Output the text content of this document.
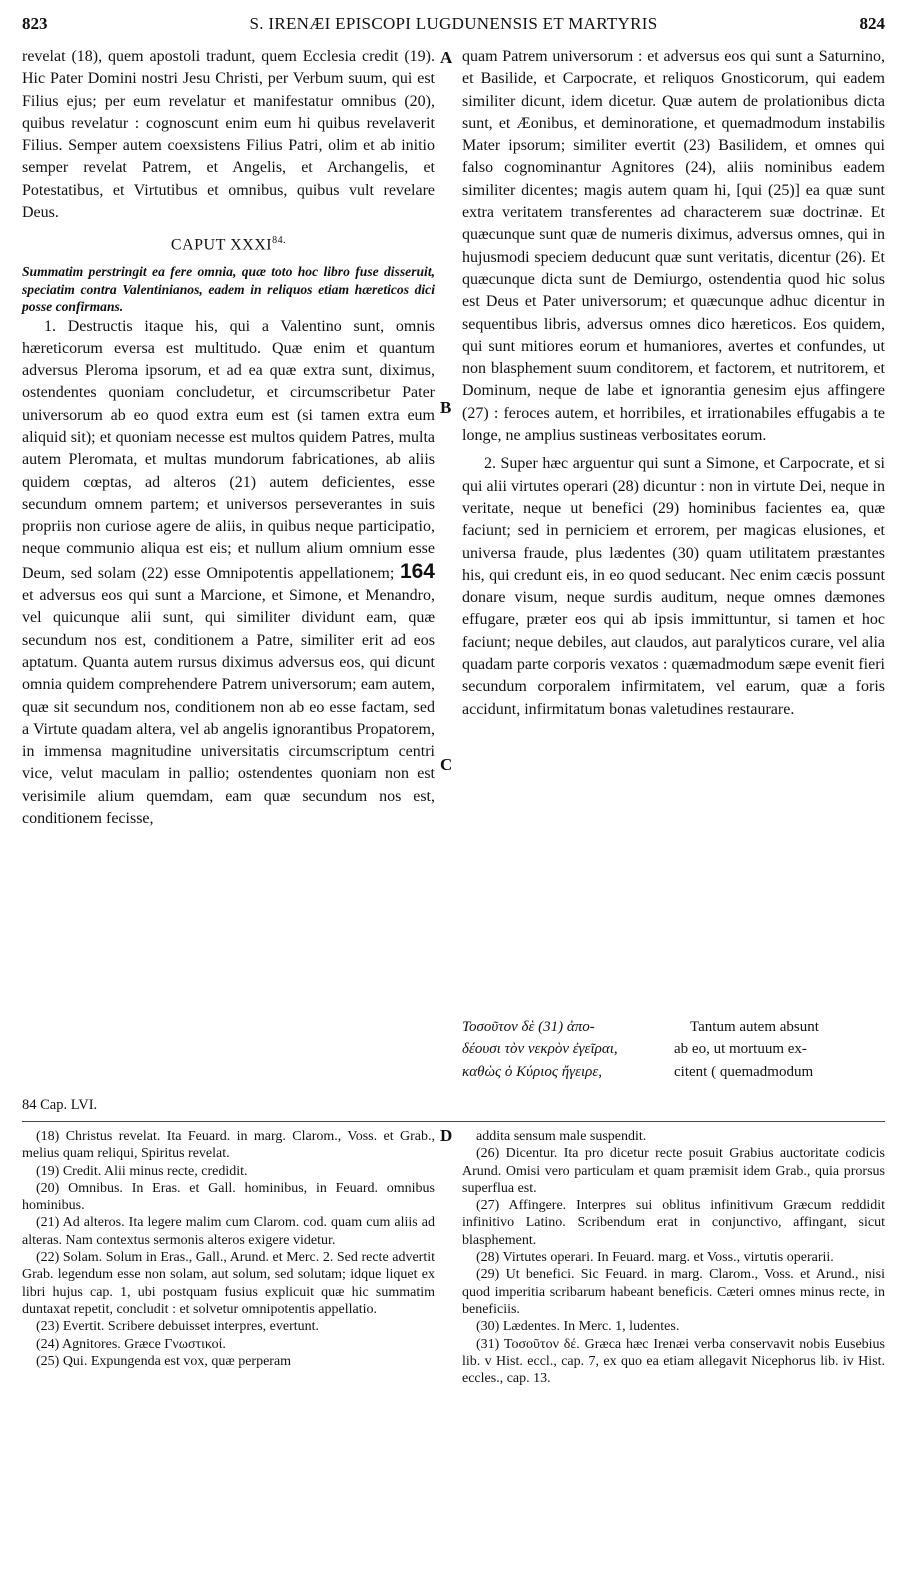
823	S. IRENÆI EPISCOPI LUGDUNENSIS ET MARTYRIS	824
A
B
C
D

revelat (18), quem apostoli tradunt, quem Ecclesia credit (19). Hic Pater Domini nostri Jesu Christi, per Verbum suum, qui est Filius ejus; per eum revelatur et manifestatur omnibus (20), quibus revelatur : cognoscunt enim eum hi quibus revelaverit Filius. Semper autem coexsistens Filius Patri, olim et ab initio semper revelat Patrem, et Angelis, et Archangelis, et Potestatibus, et Virtutibus et omnibus, quibus vult revelare Deus.

CAPUT $XXXI^{84.}$

Summatim perstringit ea fere omnia, quæ toto hoc libro fuse disseruit, speciatim contra Valentinianos, eadem in reliquos etiam hæreticos dici posse confirmans.

1. Destructis itaque his, qui a Valentino sunt, omnis hæreticorum eversa est multitudo. Quæ enim et quantum adversus Pleroma ipsorum, et ad ea quæ extra sunt, diximus, ostendentes quoniam concludetur, et circumscribetur Pater universorum ab eo quod extra eum est (si tamen extra eum aliquid sit); et quoniam necesse est multos quidem Patres, multa autem Pleromata, et multas mundorum fabricationes, ab aliis quidem cœptas, ad alteros (21) autem deficientes, esse secundum omnem partem; et universos perseverantes in suis propriis non curiose agere de aliis, in quibus neque participatio, neque communio aliqua est eis; et nullum alium omnium esse Deum, sed solam (22) esse Omnipotentis appellationem; 164 et adversus eos qui sunt a Marcione, et Simone, et Menandro, vel quicunque alii sunt, qui similiter dividunt eam, quæ secundum nos est, conditionem a Patre, similiter erit ad eos aptatum. Quanta autem rursus diximus adversus eos, qui dicunt omnia quidem comprehendere Patrem universorum; eam autem, quæ sit secundum nos, conditionem non ab eo esse factam, sed a Virtute quadam altera, vel ab angelis ignorantibus Propatorem, in immensa magnitudine universitatis circumscriptum centri vice, velut maculam in pallio; ostendentes quoniam non est verisimile alium quemdam, eam quæ secundum nos est, conditionem fecisse,

quam Patrem universorum : et adversus eos qui sunt a Saturnino, et Basilide, et Carpocrate, et reliquos Gnosticorum, qui eadem similiter dicunt, idem dicetur. Quæ autem de prolationibus dicta sunt, et Æonibus, et deminoratione, et quemadmodum instabilis Mater ipsorum; similiter evertit (23) Basilidem, et omnes qui falso cognominantur Agnitores (24), aliis nominibus eadem similiter dicentes; magis autem quam hi, [qui (25)] ea quæ sunt extra veritatem transferentes ad characterem suæ doctrinæ. Et quæcunque sunt quæ de numeris diximus, adversus omnes, qui in hujusmodi speciem deducunt quæ sunt veritatis, dicentur (26). Et quæcunque dicta sunt de Demiurgo, ostendentia quod hic solus est Deus et Pater universorum; et quæcunque adhuc dicentur in sequentibus libris, adversus omnes dico hæreticos. Eos quidem, qui sunt mitiores eorum et humaniores, avertes et confundes, ut non blasphement suum conditorem, et factorem, et nutritorem, et Dominum, neque de labe et ignorantia genesim ejus affingere (27) : feroces autem, et horribiles, et irrationabiles effugabis a te longe, ne amplius sustineas verbositates eorum.

2. Super hæc arguentur qui sunt a Simone, et Carpocrate, et si qui alii virtutes operari (28) dicuntur : non in virtute Dei, neque in veritate, neque ut benefici (29) hominibus facientes ea, quæ faciunt; sed in perniciem et errorem, per magicas elusiones, et universa fraude, plus lædentes (30) quam utilitatem præstantes his, qui credunt eis, in eo quod seducant. Nec enim cæcis possunt donare visum, neque surdis auditum, neque omnes dæmones effugare, præter eos qui ab ipsis immittuntur, si tamen et hoc faciunt; neque debiles, aut claudos, aut paralyticos curare, vel alia quadam parte corporis vexatos : quæmadmodum sæpe evenit fieri secundum corporalem infirmitatem, vel earum, quæ a foris accidunt, infirmitatum bonas valetudines restaurare.

Τοσοῦτον δὲ (31) ἀπο-	Tantum autem absunt
δέουσι τὸν νεκρὸν ἐγεῖραι,	ab eo, ut mortuum ex-
καθὼς ὁ Κύριος ἤγειρε,	citent ( quemadmodum
84 Cap. LVI.

(18) Christus revelat. Ita Feuard. in marg. Clarom., Voss. et Grab., melius quam reliqui, Spiritus revelat.

(19) Credit. Alii minus recte, credidit.

(20) Omnibus. In Eras. et Gall. hominibus, in Feuard. omnibus hominibus.

(21) Ad alteros. Ita legere malim cum Clarom. cod. quam cum aliis ad alteras. Nam contextus sermonis alteros exigere videtur.

(22) Solam. Solum in Eras., Gall., Arund. et Merc. 2. Sed recte advertit Grab. legendum esse non solam, aut solum, sed solutam; idque liquet ex libri hujus cap. 1, ubi postquam fusius explicuit quæ hic summatim duntaxat repetit, concludit : et solvetur omnipotentis appellatio.

(23) Evertit. Scribere debuisset interpres, evertunt.

(24) Agnitores. Græce Γνωστικοί.

(25) Qui. Expungenda est vox, quæ perperam

addita sensum male suspendit.

(26) Dicentur. Ita pro dicetur recte posuit Grabius auctoritate codicis Arund. Omisi vero particulam et quam præmisit idem Grab., quia prorsus superflua est.

(27) Affingere. Interpres sui oblitus infinitivum Græcum reddidit infinitivo Latino. Scribendum erat in conjunctivo, affingant, sicut blasphement.

(28) Virtutes operari. In Feuard. marg. et Voss., virtutis operarii.

(29) Ut benefici. Sic Feuard. in marg. Clarom., Voss. et Arund., nisi quod imperitia scribarum habeant beneficis. Cæteri omnes minus recte, in beneficiis.

(30) Lædentes. In Merc. 1, ludentes.

(31) Τοσοῦτον δέ. Græca hæc Irenæi verba conservavit nobis Eusebius lib. v Hist. eccl., cap. 7, ex quo ea etiam allegavit Nicephorus lib. iv Hist. eccles., cap. 13.
